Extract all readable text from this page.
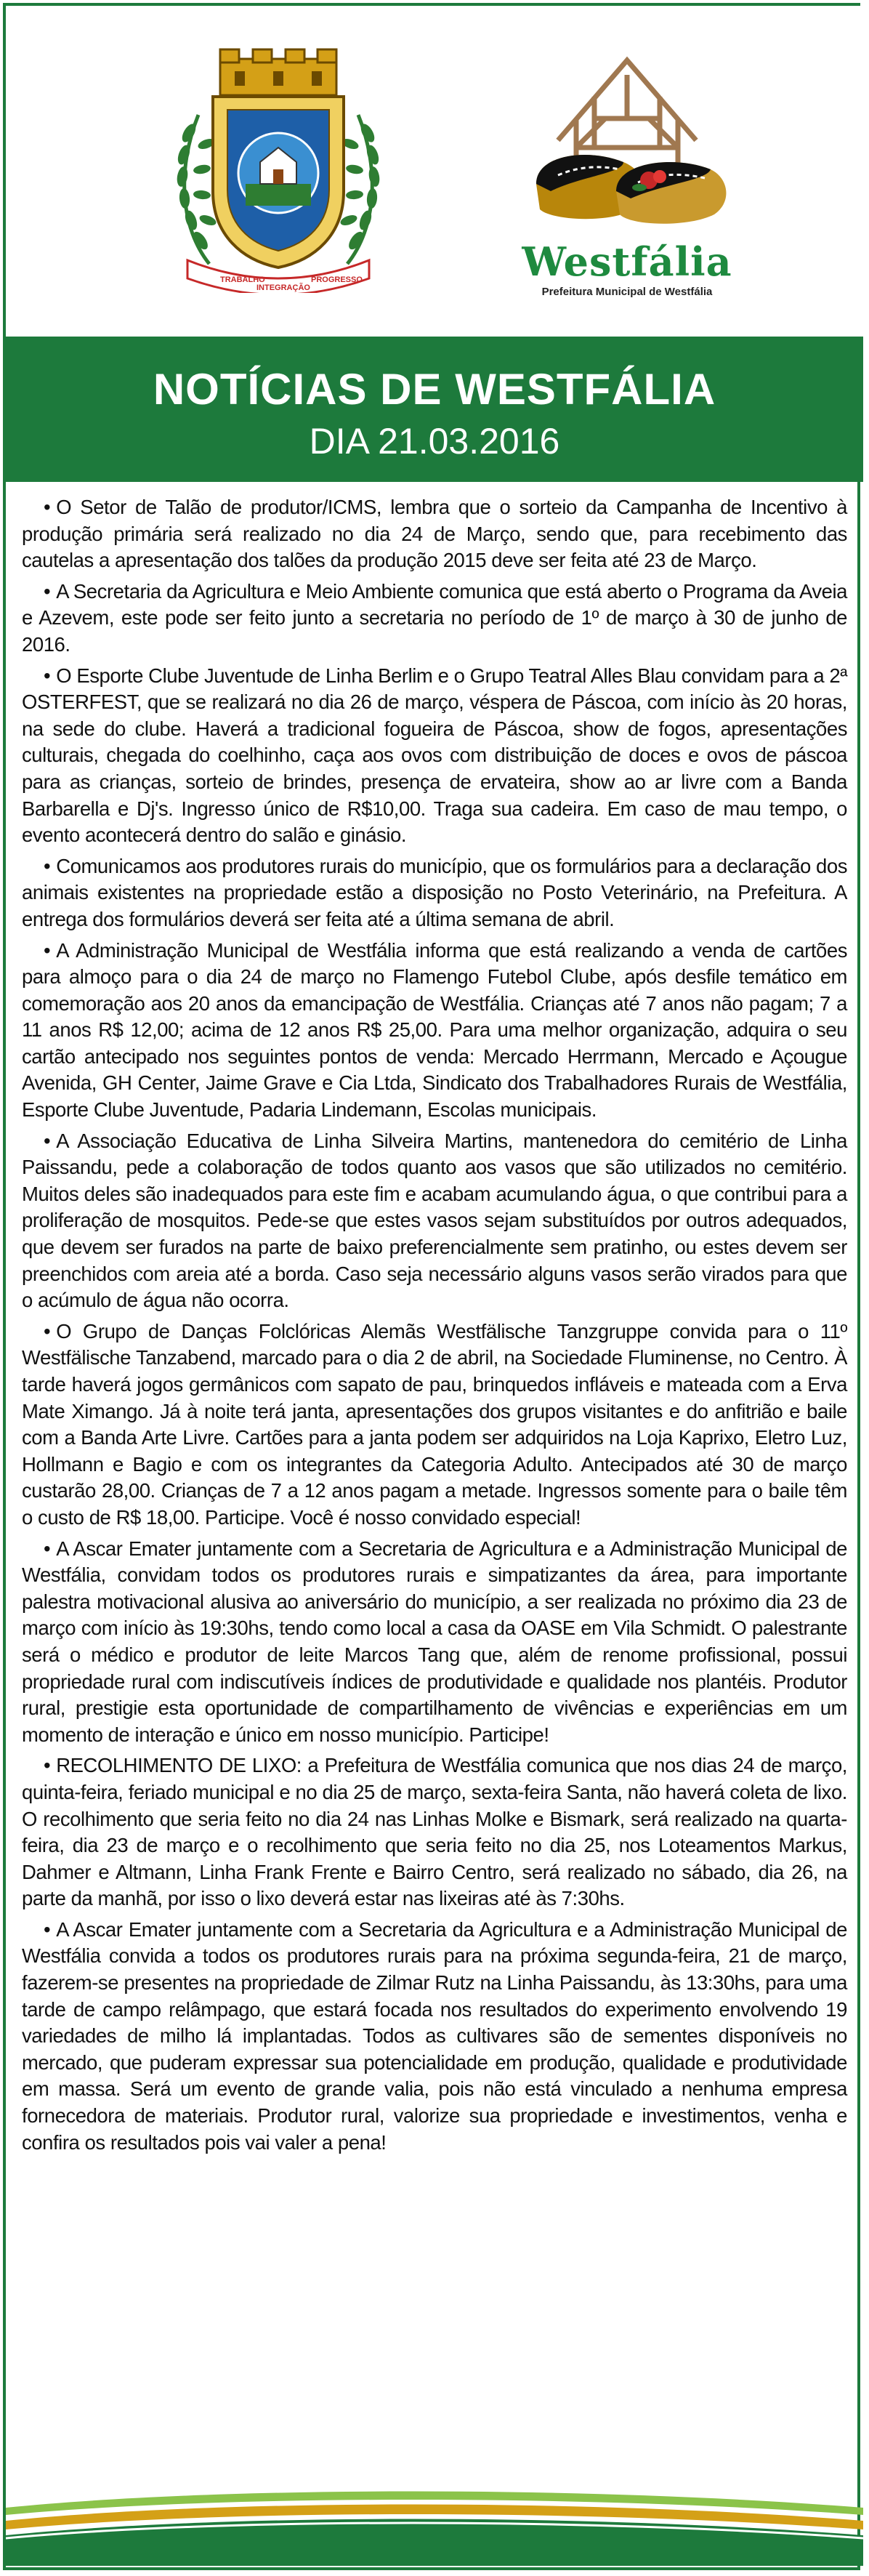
TRABALHO
INTEGRAÇÃO
PROGRESSO	Westfália
Prefeitura Municipal de Westfália
NOTÍCIAS DE WESTFÁLIA
DIA 21.03.2016

• O Setor de Talão de produtor/ICMS, lembra que o sorteio da Campanha de Incentivo à produção primária será realizado no dia 24 de Março, sendo que, para recebimento das cautelas a apresentação dos talões da produção 2015 deve ser feita até 23 de Março.

• A Secretaria da Agricultura e Meio Ambiente comunica que está aberto o Programa da Aveia e Azevem, este pode ser feito junto a secretaria no período de 1º de março à 30 de junho de 2016.

• O Esporte Clube Juventude de Linha Berlim e o Grupo Teatral Alles Blau convidam para a 2ª OSTERFEST, que se realizará no dia 26 de março, véspera de Páscoa, com início às 20 horas, na sede do clube. Haverá a tradicional fogueira de Páscoa, show de fogos, apresentações culturais, chegada do coelhinho, caça aos ovos com distribuição de doces e ovos de páscoa para as crianças, sorteio de brindes, presença de ervateira, show ao ar livre com a Banda Barbarella e Dj's. Ingresso único de R$10,00. Traga sua cadeira. Em caso de mau tempo, o evento acontecerá dentro do salão e ginásio.

• Comunicamos aos produtores rurais do município, que os formulários para a declaração dos animais existentes na propriedade estão a disposição no Posto Veterinário, na Prefeitura. A entrega dos formulários deverá ser feita até a última semana de abril.

• A Administração Municipal de Westfália informa que está realizando a venda de cartões para almoço para o dia 24 de março no Flamengo Futebol Clube, após desfile temático em comemoração aos 20 anos da emancipação de Westfália. Crianças até 7 anos não pagam; 7 a 11 anos R$ 12,00; acima de 12 anos R$ 25,00. Para uma melhor organização, adquira o seu cartão antecipado nos seguintes pontos de venda: Mercado Herrmann, Mercado e Açougue Avenida, GH Center, Jaime Grave e Cia Ltda, Sindicato dos Trabalhadores Rurais de Westfália, Esporte Clube Juventude, Padaria Lindemann, Escolas municipais.

• A Associação Educativa de Linha Silveira Martins, mantenedora do cemitério de Linha Paissandu, pede a colaboração de todos quanto aos vasos que são utilizados no cemitério. Muitos deles são inadequados para este fim e acabam acumulando água, o que contribui para a proliferação de mosquitos. Pede-se que estes vasos sejam substituídos por outros adequados, que devem ser furados na parte de baixo preferencialmente sem pratinho, ou estes devem ser preenchidos com areia até a borda. Caso seja necessário alguns vasos serão virados para que o acúmulo de água não ocorra.

• O Grupo de Danças Folclóricas Alemãs Westfälische Tanzgruppe convida para o 11º Westfälische Tanzabend, marcado para o dia 2 de abril, na Sociedade Fluminense, no Centro. À tarde haverá jogos germânicos com sapato de pau, brinquedos infláveis e mateada com a Erva Mate Ximango. Já à noite terá janta, apresentações dos grupos visitantes e do anfitrião e baile com a Banda Arte Livre. Cartões para a janta podem ser adquiridos na Loja Kaprixo, Eletro Luz, Hollmann e Bagio e com os integrantes da Categoria Adulto. Antecipados até 30 de março custarão 28,00. Crianças de 7 a 12 anos pagam a metade. Ingressos somente para o baile têm o custo de R$ 18,00. Participe. Você é nosso convidado especial!

• A Ascar Emater juntamente com a Secretaria de Agricultura e a Administração Municipal de Westfália, convidam todos os produtores rurais e simpatizantes da área, para importante palestra motivacional alusiva ao aniversário do município, a ser realizada no próximo dia 23 de março com início às 19:30hs, tendo como local a casa da OASE em Vila Schmidt. O palestrante será o médico e produtor de leite Marcos Tang que, além de renome profissional, possui propriedade rural com indiscutíveis índices de produtividade e qualidade nos plantéis. Produtor rural, prestigie esta oportunidade de compartilhamento de vivências e experiências em um momento de interação e único em nosso município. Participe!

• RECOLHIMENTO DE LIXO: a Prefeitura de Westfália comunica que nos dias 24 de março, quinta-feira, feriado municipal e no dia 25 de março, sexta-feira Santa, não haverá coleta de lixo. O recolhimento que seria feito no dia 24 nas Linhas Molke e Bismark, será realizado na quarta-feira, dia 23 de março e o recolhimento que seria feito no dia 25, nos Loteamentos Markus, Dahmer e Altmann, Linha Frank Frente e Bairro Centro, será realizado no sábado, dia 26, na parte da manhã, por isso o lixo deverá estar nas lixeiras até às 7:30hs.

• A Ascar Emater juntamente com a Secretaria da Agricultura e a Administração Municipal de Westfália convida a todos os produtores rurais para na próxima segunda-feira, 21 de março, fazerem-se presentes na propriedade de Zilmar Rutz na Linha Paissandu, às 13:30hs, para uma tarde de campo relâmpago, que estará focada nos resultados do experimento envolvendo 19 variedades de milho lá implantadas. Todos as cultivares são de sementes disponíveis no mercado, que puderam expressar sua potencialidade em produção, qualidade e produtividade em massa. Será um evento de grande valia, pois não está vinculado a nenhuma empresa fornecedora de materiais. Produtor rural, valorize sua propriedade e investimentos, venha e confira os resultados pois vai valer a pena!
